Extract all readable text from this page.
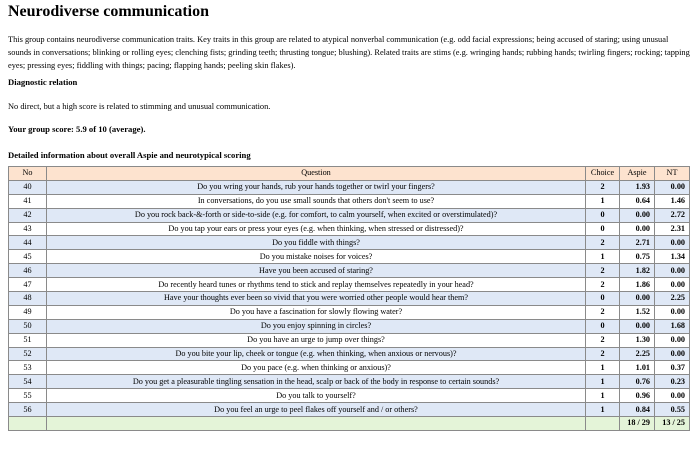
Neurodiverse communication

This group contains neurodiverse communication traits. Key traits in this group are related to atypical nonverbal communication (e.g. odd facial expressions; being accused of staring; using unusual sounds in conversations; blinking or rolling eyes; clenching fists; grinding teeth; thrusting tongue; blushing). Related traits are stims (e.g. wringing hands; rubbing hands; twirling fingers; rocking; tapping eyes; pressing eyes; fiddling with things; pacing; flapping hands; peeling skin flakes).

Diagnostic relation

No direct, but a high score is related to stimming and unusual communication.

Your group score: 5.9 of 10 (average).

Detailed information about overall Aspie and neurotypical scoring

No	Question	Choice	Aspie	NT
40	Do you wring your hands, rub your hands together or twirl your fingers?	2	1.93	0.00
41	In conversations, do you use small sounds that others don't seem to use?	1	0.64	1.46
42	Do you rock back-&-forth or side-to-side (e.g. for comfort, to calm yourself, when excited or overstimulated)?	0	0.00	2.72
43	Do you tap your ears or press your eyes (e.g. when thinking, when stressed or distressed)?	0	0.00	2.31
44	Do you fiddle with things?	2	2.71	0.00
45	Do you mistake noises for voices?	1	0.75	1.34
46	Have you been accused of staring?	2	1.82	0.00
47	Do recently heard tunes or rhythms tend to stick and replay themselves repeatedly in your head?	2	1.86	0.00
48	Have your thoughts ever been so vivid that you were worried other people would hear them?	0	0.00	2.25
49	Do you have a fascination for slowly flowing water?	2	1.52	0.00
50	Do you enjoy spinning in circles?	0	0.00	1.68
51	Do you have an urge to jump over things?	2	1.30	0.00
52	Do you bite your lip, cheek or tongue (e.g. when thinking, when anxious or nervous)?	2	2.25	0.00
53	Do you pace (e.g. when thinking or anxious)?	1	1.01	0.37
54	Do you get a pleasurable tingling sensation in the head, scalp or back of the body in response to certain sounds?	1	0.76	0.23
55	Do you talk to yourself?	1	0.96	0.00
56	Do you feel an urge to peel flakes off yourself and / or others?	1	0.84	0.55
			18 / 29	13 / 25
